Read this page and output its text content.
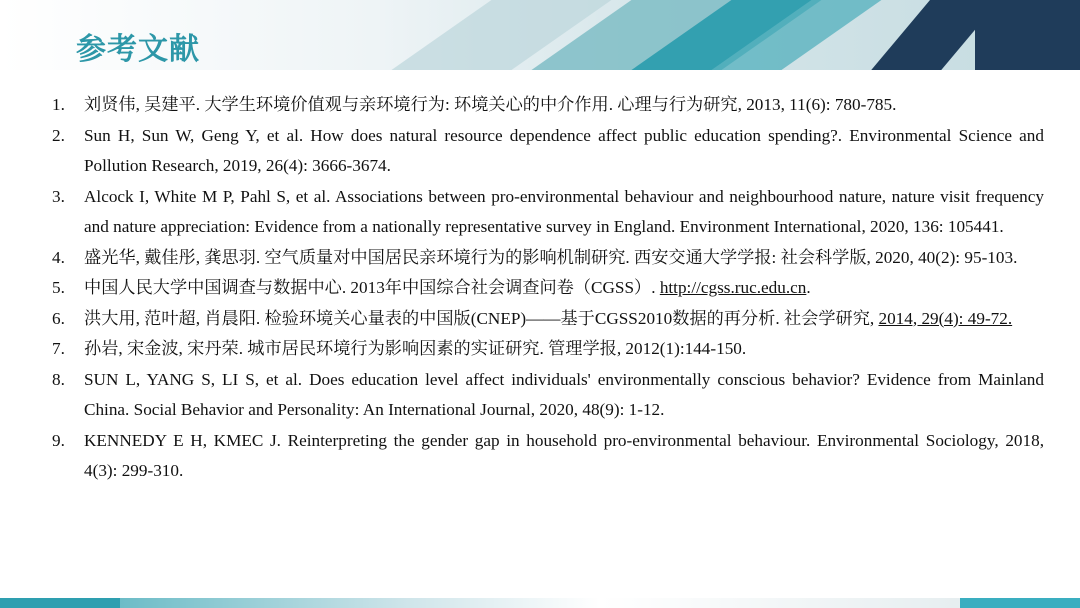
参考文献
1.	刘贤伟, 吴建平. 大学生环境价值观与亲环境行为: 环境关心的中介作用. 心理与行为研究, 2013, 11(6): 780-785.
2.	Sun H, Sun W, Geng Y, et al. How does natural resource dependence affect public education spending?. Environmental Science and Pollution Research, 2019, 26(4): 3666-3674.
3.	Alcock I, White M P, Pahl S, et al. Associations between pro-environmental behaviour and neighbourhood nature, nature visit frequency and nature appreciation: Evidence from a nationally representative survey in England. Environment International, 2020, 136: 105441.
4.	盛光华, 戴佳彤, 龚思羽. 空气质量对中国居民亲环境行为的影响机制研究. 西安交通大学学报: 社会科学版, 2020, 40(2): 95-103.
5.	中国人民大学中国调查与数据中心. 2013年中国综合社会调查问卷（CGSS）. http://cgss.ruc.edu.cn.
6.	洪大用, 范叶超, 肖晨阳. 检验环境关心量表的中国版(CNEP)——基于CGSS2010数据的再分析. 社会学研究, 2014, 29(4): 49-72.
7.	孙岩, 宋金波, 宋丹荣. 城市居民环境行为影响因素的实证研究. 管理学报, 2012(1):144-150.
8.	SUN L, YANG S, LI S, et al. Does education level affect individuals' environmentally conscious behavior? Evidence from Mainland China. Social Behavior and Personality: An International Journal, 2020, 48(9): 1-12.
9.	KENNEDY E H, KMEC J. Reinterpreting the gender gap in household pro-environmental behaviour. Environmental Sociology, 2018, 4(3): 299-310.
